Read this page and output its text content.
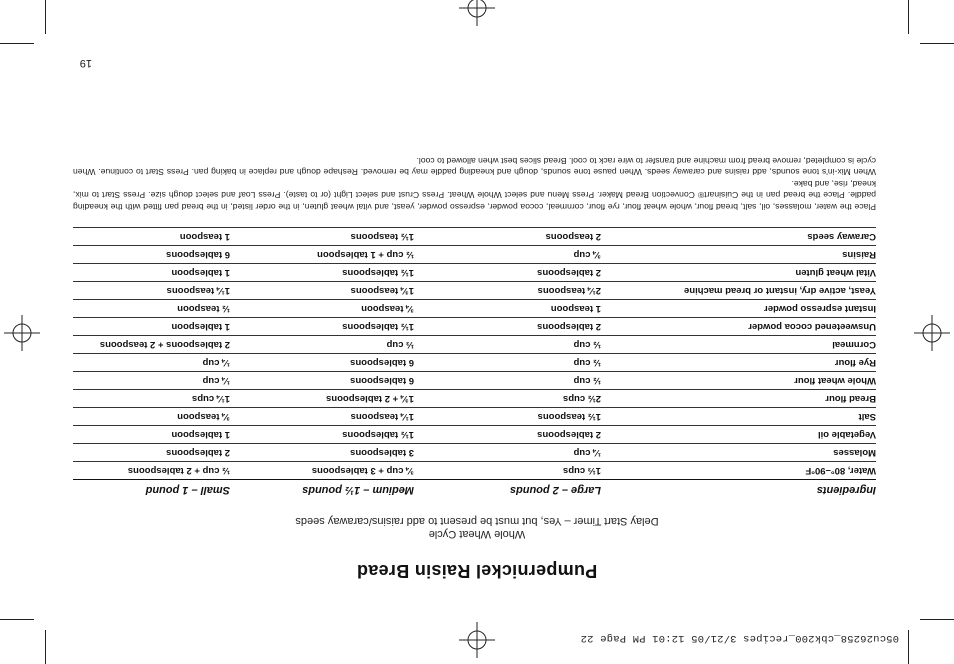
05cu26258_cbk200_recipes 3/21/05 12:01 PM Page 22
Pumpernickel Raisin Bread
Whole Wheat Cycle
Delay Start Timer – Yes, but must be present to add raisins/caraway seeds
Ingredients	Large – 2 pounds	Medium – 1½ pounds	Small – 1 pound
Water, 80°–90°F	1⅓ cups	¾ cup + 3 tablespoons	½ cup + 2 tablespoons
Molasses	¼ cup	3 tablespoons	2 tablespoons
Vegetable oil	2 tablespoons	1½ tablespoons	1 tablespoon
Salt	1½ teaspoons	1¼ teaspoons	¾ teaspoon
Bread flour	2½ cups	1¾ + 2 tablespoons	1¼ cups
Whole wheat flour	½ cup	6 tablespoons	¼ cup
Rye flour	½ cup	6 tablespoons	¼ cup
Cornmeal	½ cup	⅓ cup	2 tablespoons + 2 teaspoons
Unsweetened cocoa powder	2 tablespoons	1½ tablespoons	1 tablespoon
Instant espresso powder	1 teaspoon	¾ teaspoon	½ teaspoon
Yeast, active dry, instant or bread machine	2¼ teaspoons	1¾ teaspoons	1¼ teaspoons
Vital wheat gluten	2 tablespoons	1½ tablespoons	1 tablespoon
Raisins	¾ cup	½ cup + 1 tablespoon	6 tablespoons
Caraway seeds	2 teaspoons	1½ teaspoons	1 teaspoon

Place the water, molasses, oil, salt, bread flour, whole wheat flour, rye flour, cornmeal, cocoa powder, espresso powder, yeast, and vital wheat gluten, in the order listed, in the bread pan fitted with the kneading paddle. Place the bread pan in the Cuisinart® Convection Bread Maker. Press Menu and select Whole Wheat. Press Crust and select Light (or to taste). Press Loaf and select dough size. Press Start to mix, knead, rise, and bake.

When Mix-in's tone sounds, add raisins and caraway seeds. When pause tone sounds, dough and kneading paddle may be removed. Reshape dough and replace in baking pan. Press Start to continue. When cycle is completed, remove bread from machine and transfer to wire rack to cool. Bread slices best when allowed to cool.

19
